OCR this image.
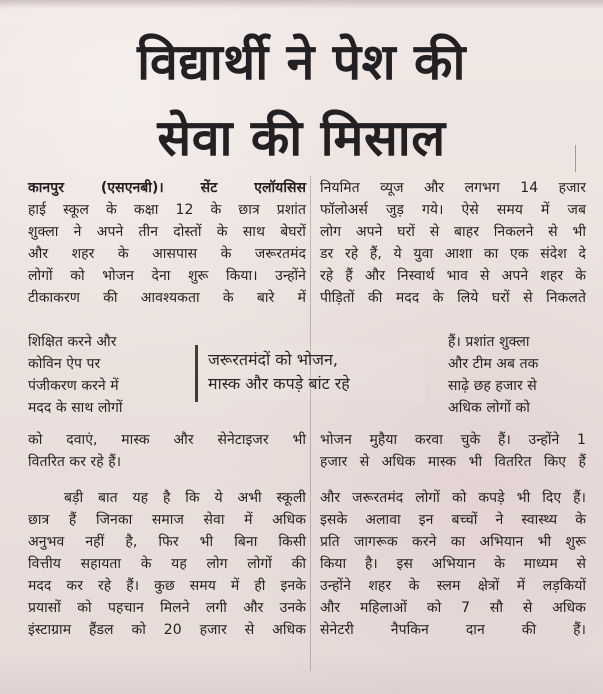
विद्यार्थी ने पेश की
सेवा की मिसाल
कानपुर (एसएनबी)। सेंट एलॉयसिस
हाई स्कूल के कक्षा 12 के छात्र प्रशांत
शुक्ला ने अपने तीन दोस्तों के साथ बेघरों
और शहर के आसपास के जरूरतमंद
लोगों को भोजन देना शुरू किया। उन्होंने
टीकाकरण की आवश्यकता के बारे में
शिक्षित करने और
कोविन ऐप पर
पंजीकरण करने में
मदद के साथ लोगों
को दवाएं, मास्क और सेनेटाइजर भी
वितरित कर रहे हैं।
बड़ी बात यह है कि ये अभी स्कूली
छात्र हैं जिनका समाज सेवा में अधिक
अनुभव नहीं है, फिर भी बिना किसी
वित्तीय सहायता के यह लोग लोगों की
मदद कर रहे हैं। कुछ समय में ही इनके
प्रयासों को पहचान मिलने लगी और उनके
इंस्टाग्राम हैंडल को 20 हजार से अधिक
नियमित व्यूज और लगभग 14 हजार
फॉलोअर्स जुड़ गये। ऐसे समय में जब
लोग अपने घरों से बाहर निकलने से भी
डर रहे हैं, ये युवा आशा का एक संदेश दे
रहे हैं और निस्वार्थ भाव से अपने शहर के
पीड़ितों की मदद के लिये घरों से निकलते
हैं। प्रशांत शुक्ला
और टीम अब तक
साढ़े छह हजार से
अधिक लोगों को
भोजन मुहैया करवा चुके हैं। उन्होंने 1
हजार से अधिक मास्क भी वितरित किए हैं
और जरूरतमंद लोगों को कपड़े भी दिए हैं।
इसके अलावा इन बच्चों ने स्वास्थ्य के
प्रति जागरूक करने का अभियान भी शुरू
किया है। इस अभियान के माध्यम से
उन्होंने शहर के स्लम क्षेत्रों में लड़कियों
और महिलाओं को 7 सौ से अधिक
सेनेटरी नैपकिन दान की हैं।
जरूरतमंदों को भोजन,
मास्क और कपड़े बांट रहे
